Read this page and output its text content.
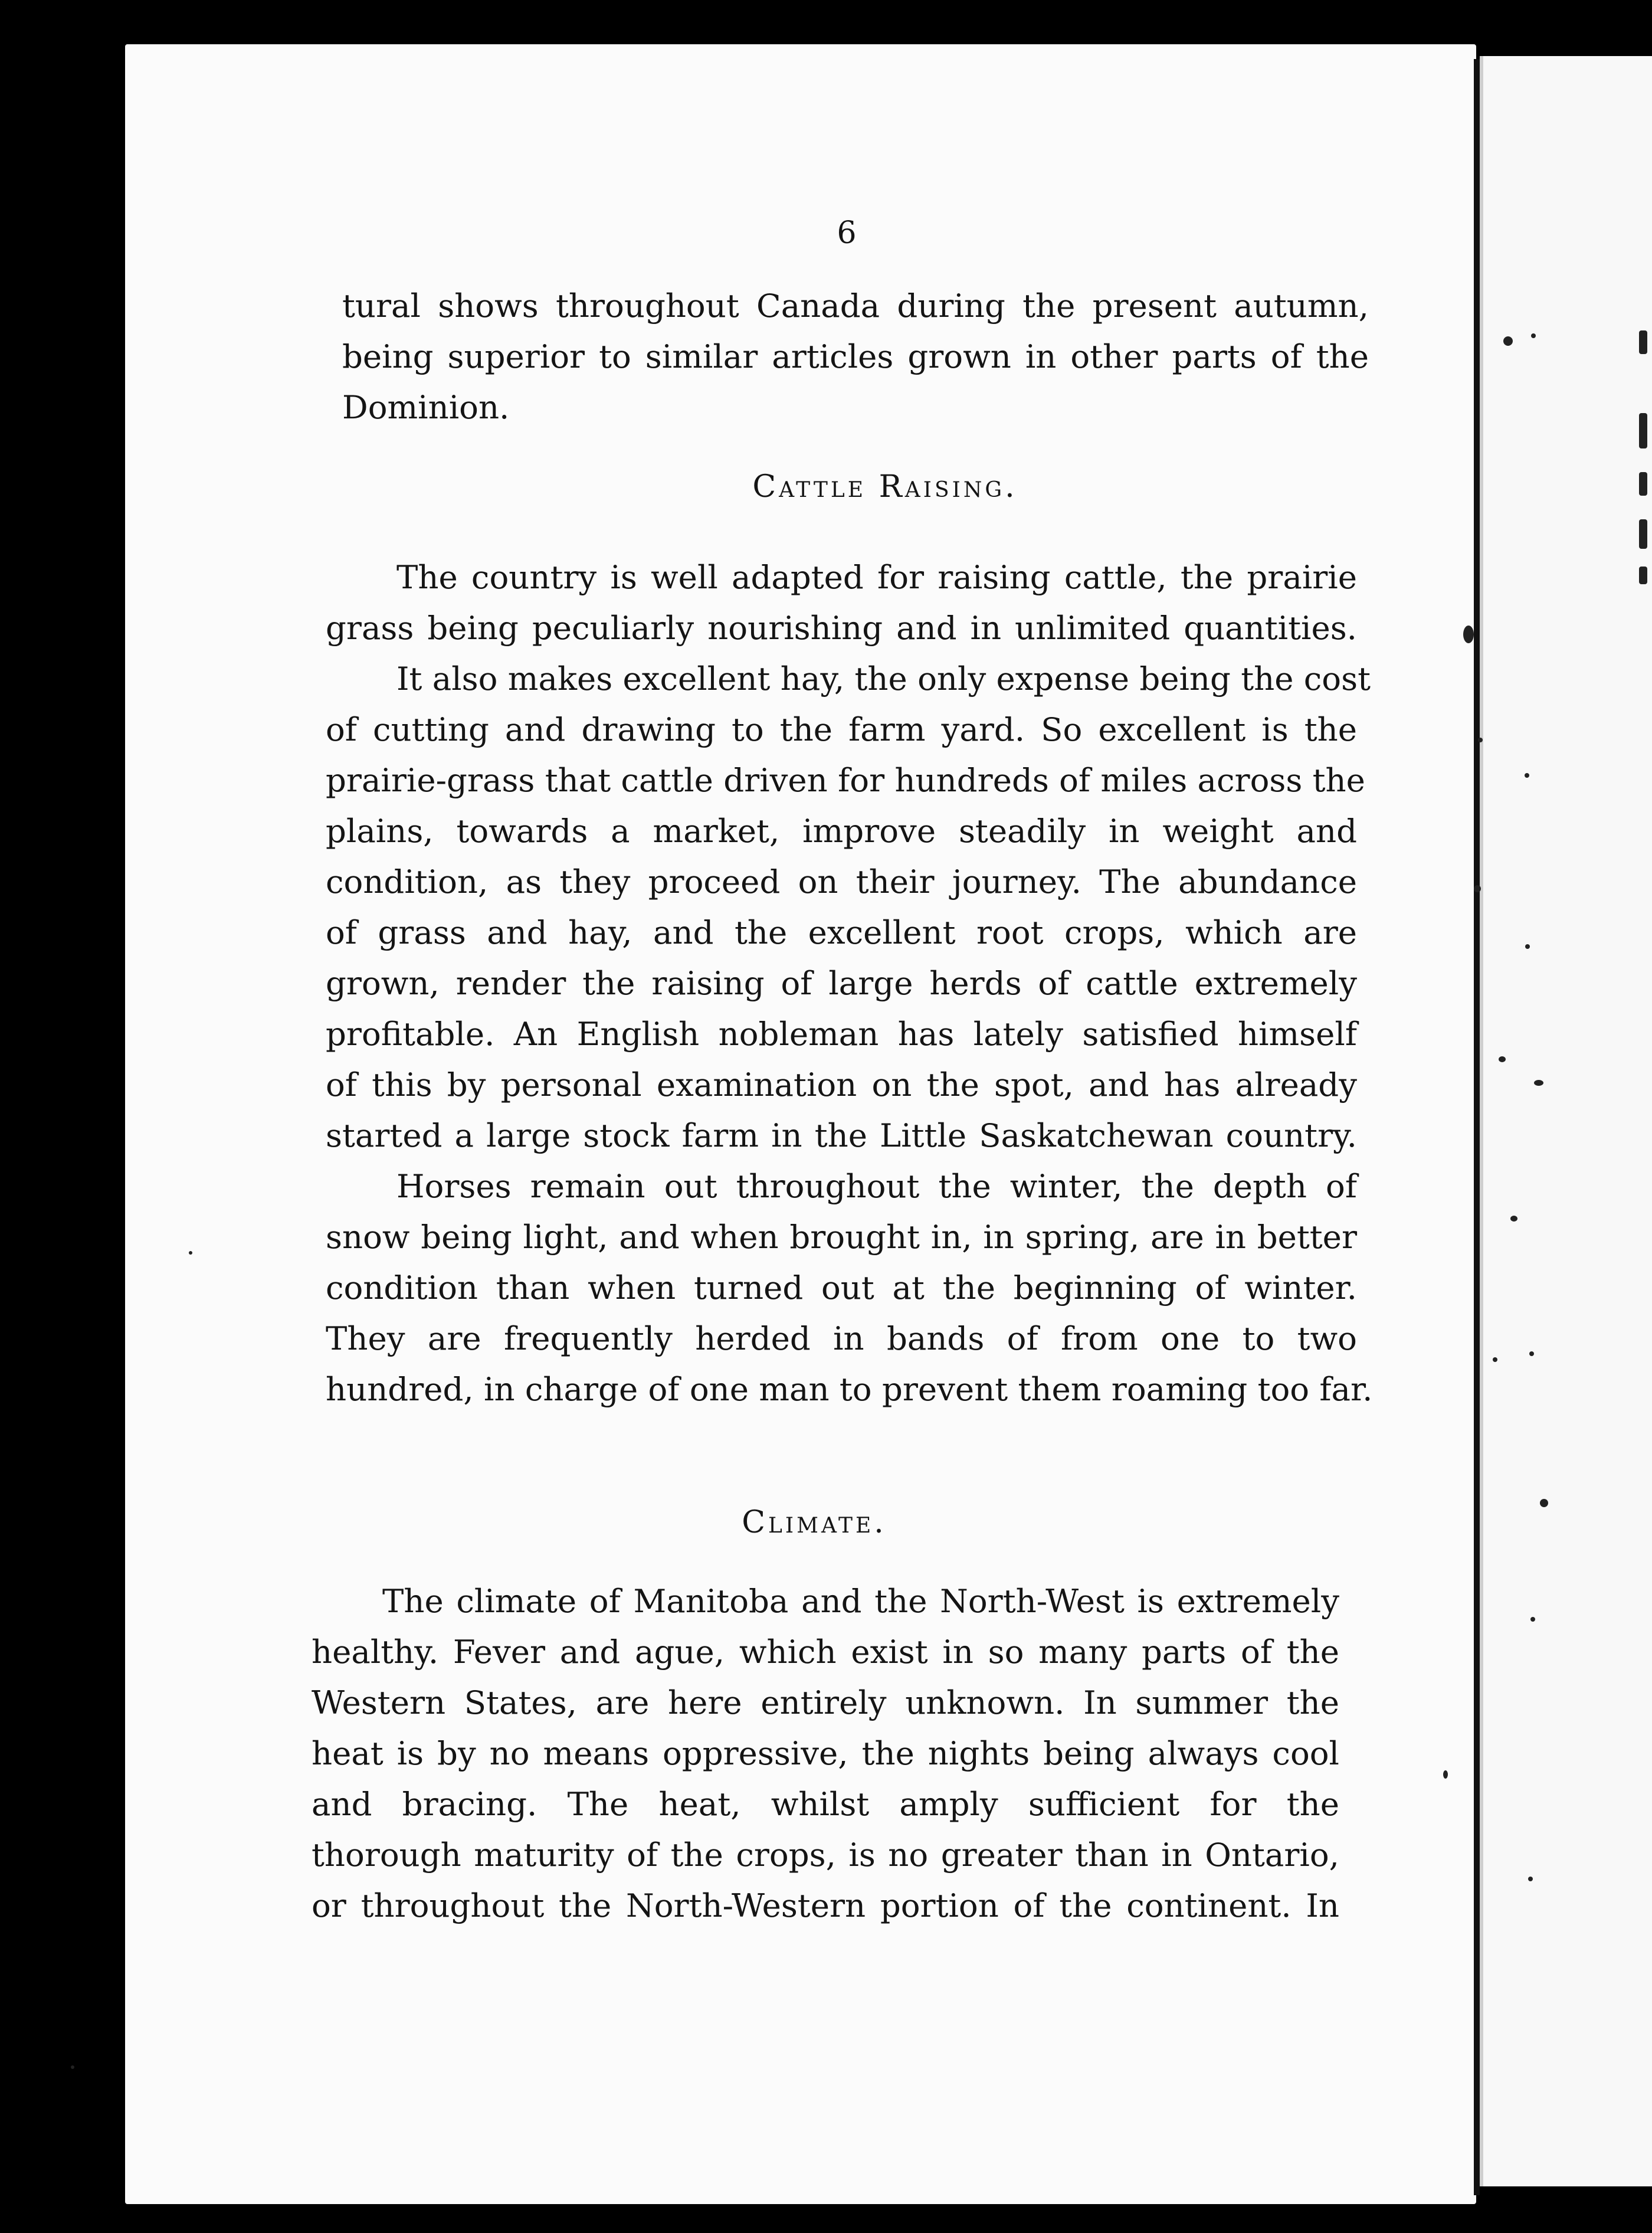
6
tural shows throughout Canada during the present autumn,
being superior to similar articles grown in other parts of the
Dominion.
Cattle Raising.
The country is well adapted for raising cattle, the prairie
grass being peculiarly nourishing and in unlimited quantities.
It also makes excellent hay, the only expense being the cost
of cutting and drawing to the farm yard. So excellent is the
prairie-grass that cattle driven for hundreds of miles across the
plains, towards a market, improve steadily in weight and
condition, as they proceed on their journey. The abundance
of grass and hay, and the excellent root crops, which are
grown, render the raising of large herds of cattle extremely
profitable. An English nobleman has lately satisfied himself
of this by personal examination on the spot, and has already
started a large stock farm in the Little Saskatchewan country.
Horses remain out throughout the winter, the depth of
snow being light, and when brought in, in spring, are in better
condition than when turned out at the beginning of winter.
They are frequently herded in bands of from one to two
hundred, in charge of one man to prevent them roaming too far.
Climate.
The climate of Manitoba and the North-West is extremely
healthy. Fever and ague, which exist in so many parts of the
Western States, are here entirely unknown. In summer the
heat is by no means oppressive, the nights being always cool
and bracing. The heat, whilst amply sufficient for the
thorough maturity of the crops, is no greater than in Ontario,
or throughout the North-Western portion of the continent. In
